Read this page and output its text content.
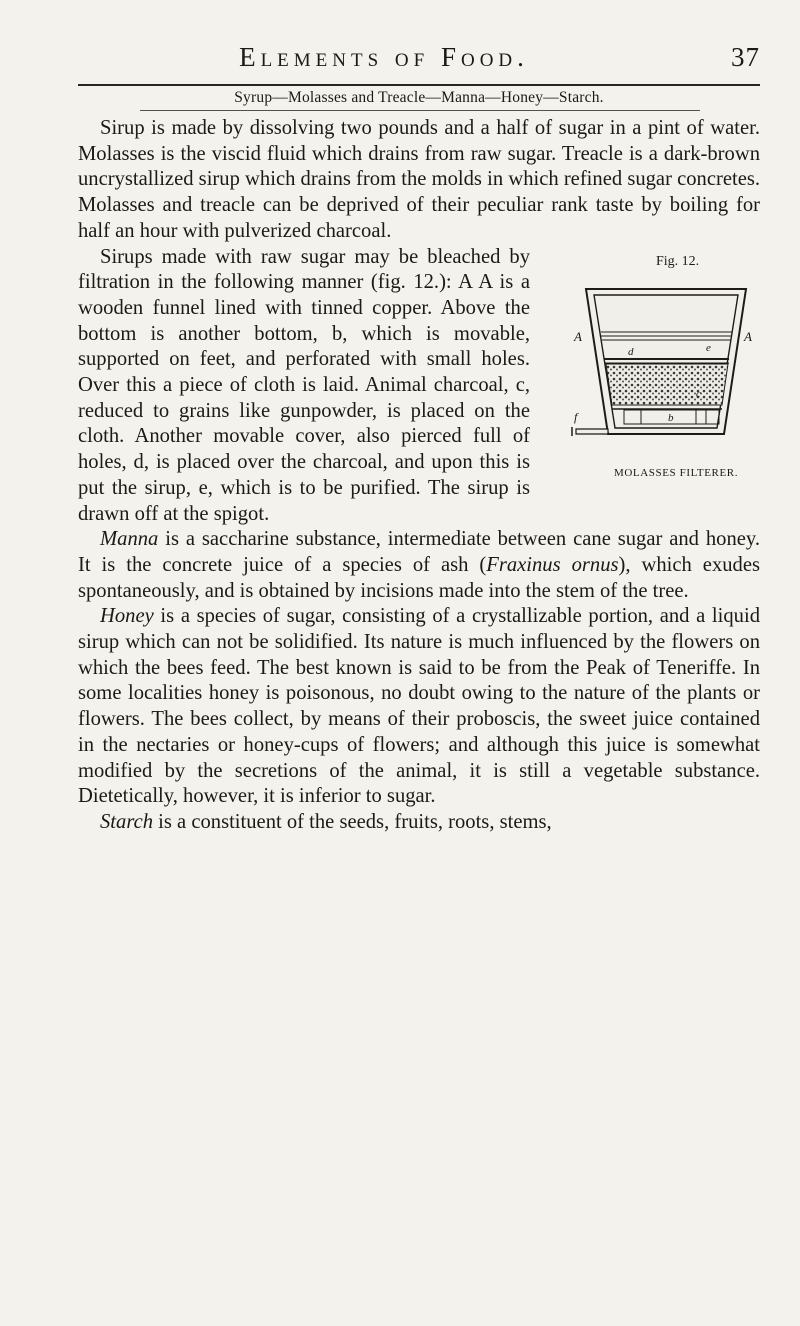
Elements of Food.	37
Syrup—Molasses and Treacle—Manna—Honey—Starch.

Sirup is made by dissolving two pounds and a half of sugar in a pint of water. Molasses is the viscid fluid which drains from raw sugar. Treacle is a dark-brown uncrystallized sirup which drains from the molds in which refined sugar concretes. Molasses and treacle can be deprived of their peculiar rank taste by boiling for half an hour with pulverized charcoal.

Fig. 12.
A	A
d	e
c
b
f
MOLASSES FILTERER.
Sirups made with raw sugar may be bleached by filtration in the following manner (fig. 12.): A A is a wooden funnel lined with tinned copper. Above the bottom is another bottom, b, which is movable, supported on feet, and perforated with small holes. Over this a piece of cloth is laid. Animal charcoal, c, reduced to grains like gunpowder, is placed on the cloth. Another movable cover, also pierced full of holes, d, is placed over the charcoal, and upon this is put the sirup, e, which is to be purified. The sirup is drawn off at the spigot.

Manna is a saccharine substance, intermediate between cane sugar and honey. It is the concrete juice of a species of ash (Fraxinus ornus), which exudes spontaneously, and is obtained by incisions made into the stem of the tree.

Honey is a species of sugar, consisting of a crystallizable portion, and a liquid sirup which can not be solidified. Its nature is much influenced by the flowers on which the bees feed. The best known is said to be from the Peak of Teneriffe. In some localities honey is poisonous, no doubt owing to the nature of the plants or flowers. The bees collect, by means of their proboscis, the sweet juice contained in the nectaries or honey-cups of flowers; and although this juice is somewhat modified by the secretions of the animal, it is still a vegetable substance. Dietetically, however, it is inferior to sugar.

Starch is a constituent of the seeds, fruits, roots, stems,
